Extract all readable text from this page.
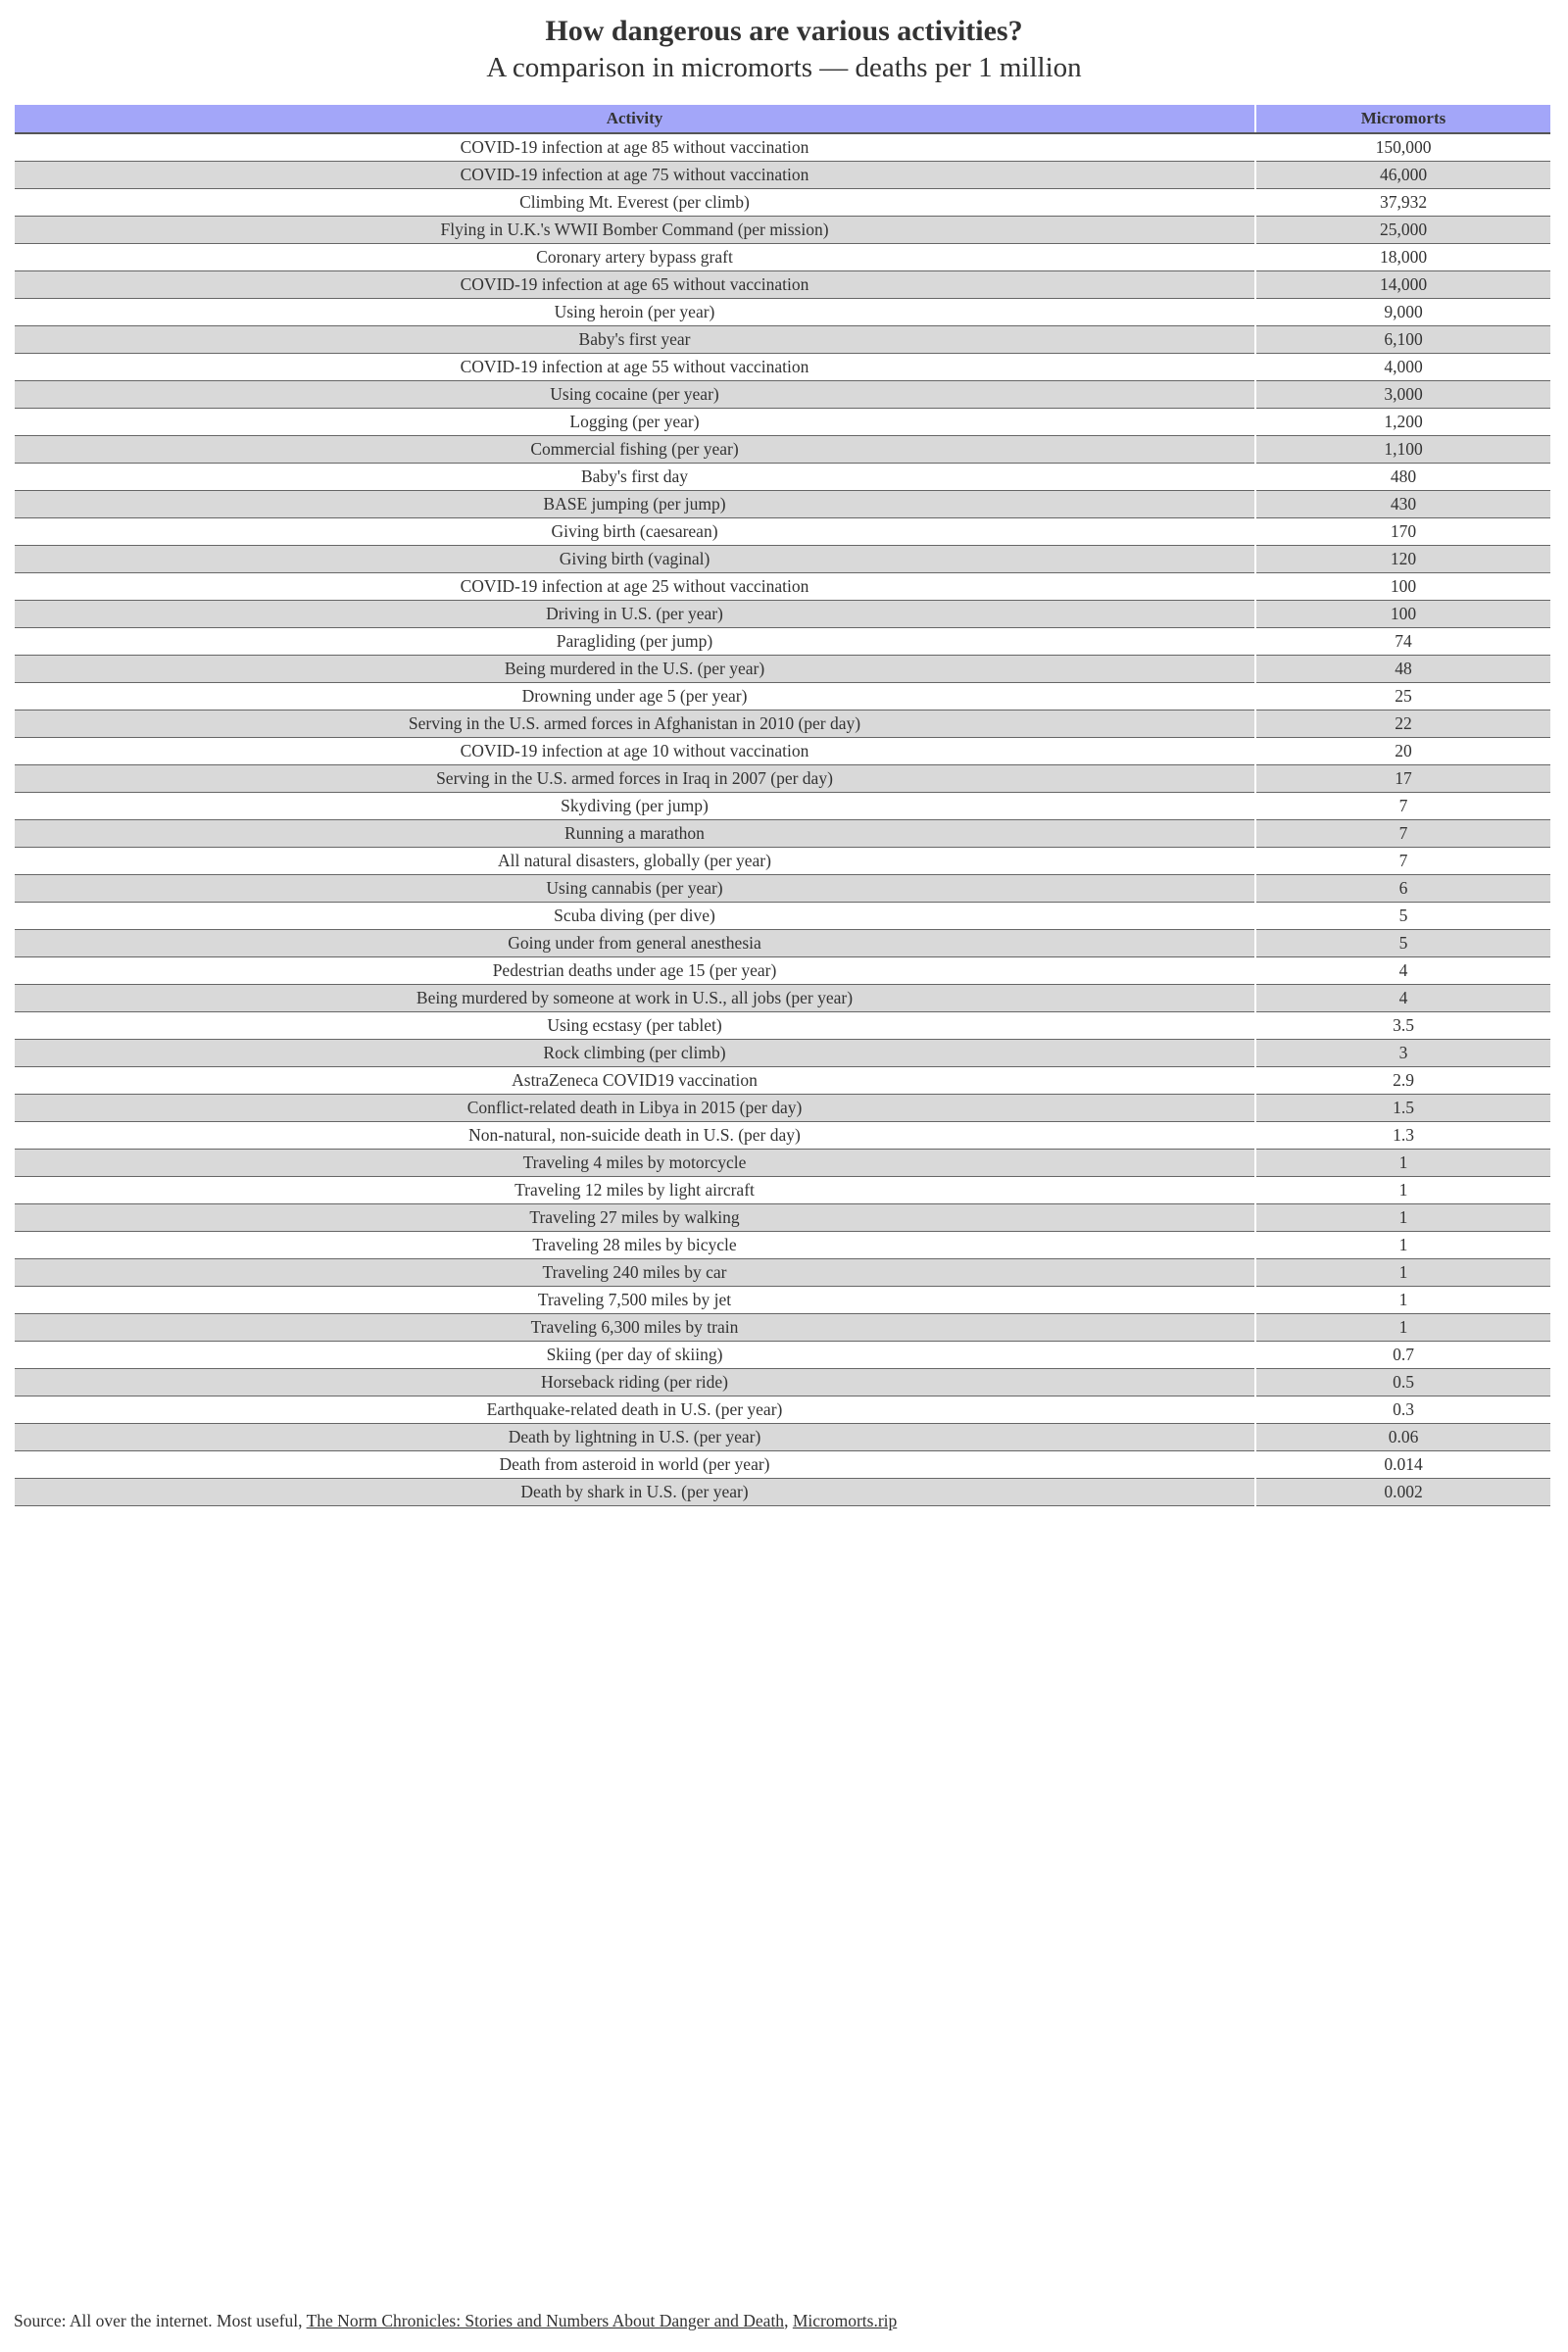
How dangerous are various activities?
A comparison in micromorts — deaths per 1 million
Activity	Micromorts
COVID-19 infection at age 85 without vaccination	150,000
COVID-19 infection at age 75 without vaccination	46,000
Climbing Mt. Everest (per climb)	37,932
Flying in U.K.'s WWII Bomber Command (per mission)	25,000
Coronary artery bypass graft	18,000
COVID-19 infection at age 65 without vaccination	14,000
Using heroin (per year)	9,000
Baby's first year	6,100
COVID-19 infection at age 55 without vaccination	4,000
Using cocaine (per year)	3,000
Logging (per year)	1,200
Commercial fishing (per year)	1,100
Baby's first day	480
BASE jumping (per jump)	430
Giving birth (caesarean)	170
Giving birth (vaginal)	120
COVID-19 infection at age 25 without vaccination	100
Driving in U.S. (per year)	100
Paragliding (per jump)	74
Being murdered in the U.S. (per year)	48
Drowning under age 5 (per year)	25
Serving in the U.S. armed forces in Afghanistan in 2010 (per day)	22
COVID-19 infection at age 10 without vaccination	20
Serving in the U.S. armed forces in Iraq in 2007 (per day)	17
Skydiving (per jump)	7
Running a marathon	7
All natural disasters, globally (per year)	7
Using cannabis (per year)	6
Scuba diving (per dive)	5
Going under from general anesthesia	5
Pedestrian deaths under age 15 (per year)	4
Being murdered by someone at work in U.S., all jobs (per year)	4
Using ecstasy (per tablet)	3.5
Rock climbing (per climb)	3
AstraZeneca COVID19 vaccination	2.9
Conflict-related death in Libya in 2015 (per day)	1.5
Non-natural, non-suicide death in U.S. (per day)	1.3
Traveling 4 miles by motorcycle	1
Traveling 12 miles by light aircraft	1
Traveling 27 miles by walking	1
Traveling 28 miles by bicycle	1
Traveling 240 miles by car	1
Traveling 7,500 miles by jet	1
Traveling 6,300 miles by train	1
Skiing (per day of skiing)	0.7
Horseback riding (per ride)	0.5
Earthquake-related death in U.S. (per year)	0.3
Death by lightning in U.S. (per year)	0.06
Death from asteroid in world (per year)	0.014
Death by shark in U.S. (per year)	0.002
Source: All over the internet. Most useful, The Norm Chronicles: Stories and Numbers About Danger and Death, Micromorts.rip
